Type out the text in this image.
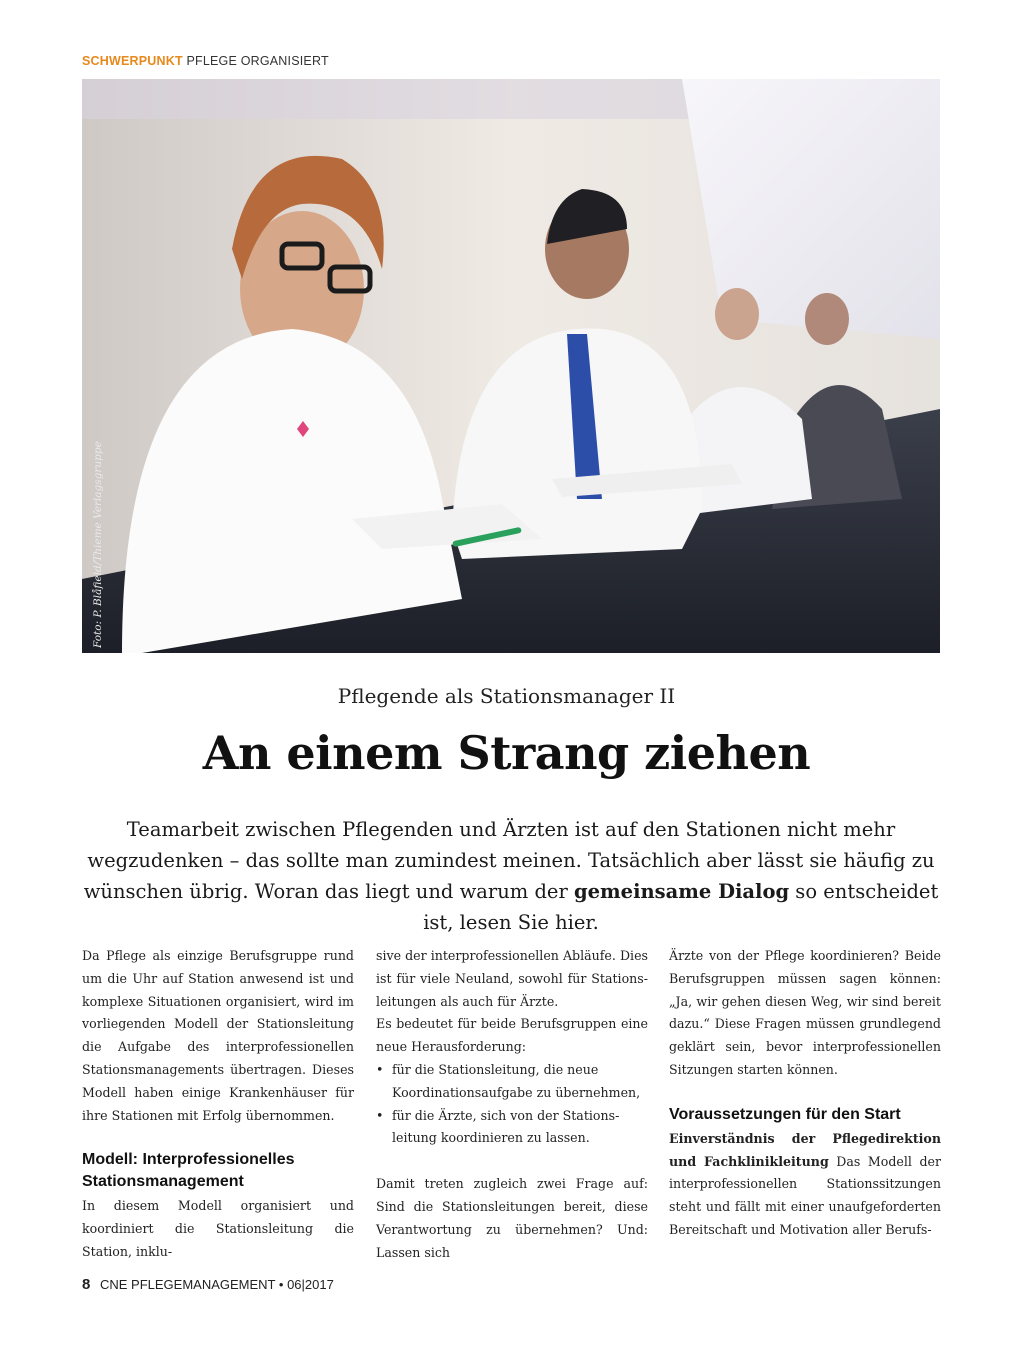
SCHWERPUNKT PFLEGE ORGANISIERT
Foto: P. Blåfield/Thieme Verlagsgruppe
Pflegende als Stationsmanager II
An einem Strang ziehen
Teamarbeit zwischen Pflegenden und Ärzten ist auf den Stationen nicht mehr wegzudenken – das sollte man zumindest meinen. Tatsächlich aber lässt sie häufig zu wünschen übrig. Woran das liegt und warum der gemeinsame Dialog so entscheidet ist, lesen Sie hier.

Da Pflege als einzige Berufsgruppe rund um die Uhr auf Station anwesend ist und komplexe Situationen organisiert, wird im vorliegenden Modell der Stationsleitung die Aufgabe des interprofessionellen Stationsmanagements übertragen. Dieses Modell haben einige Krankenhäuser für ihre Stationen mit Erfolg übernommen.

Modell: Interprofessionelles Stationsmanagement

In diesem Modell organisiert und koordiniert die Stationsleitung die Station, inklu-

sive der interprofessionellen Abläufe. Dies ist für viele Neuland, sowohl für Stationsleitungen als auch für Ärzte.

Es bedeutet für beide Berufsgruppen eine neue Herausforderung:

• für die Stationsleitung, die neue Koordinationsaufgabe zu übernehmen,
• für die Ärzte, sich von der Stationsleitung koordinieren zu lassen.

Damit treten zugleich zwei Frage auf: Sind die Stationsleitungen bereit, diese Verantwortung zu übernehmen? Und: Lassen sich

Ärzte von der Pflege koordinieren? Beide Berufsgruppen müssen sagen können: „Ja, wir gehen diesen Weg, wir sind bereit dazu.“ Diese Fragen müssen grundlegend geklärt sein, bevor interprofessionellen Sitzungen starten können.

Voraussetzungen für den Start

Einverständnis der Pflegedirektion und Fachklinikleitung Das Modell der interprofessionellen Stationssitzungen steht und fällt mit einer unaufgeforderten Bereitschaft und Motivation aller Berufs-

8 CNE PFLEGEMANAGEMENT • 06|2017
